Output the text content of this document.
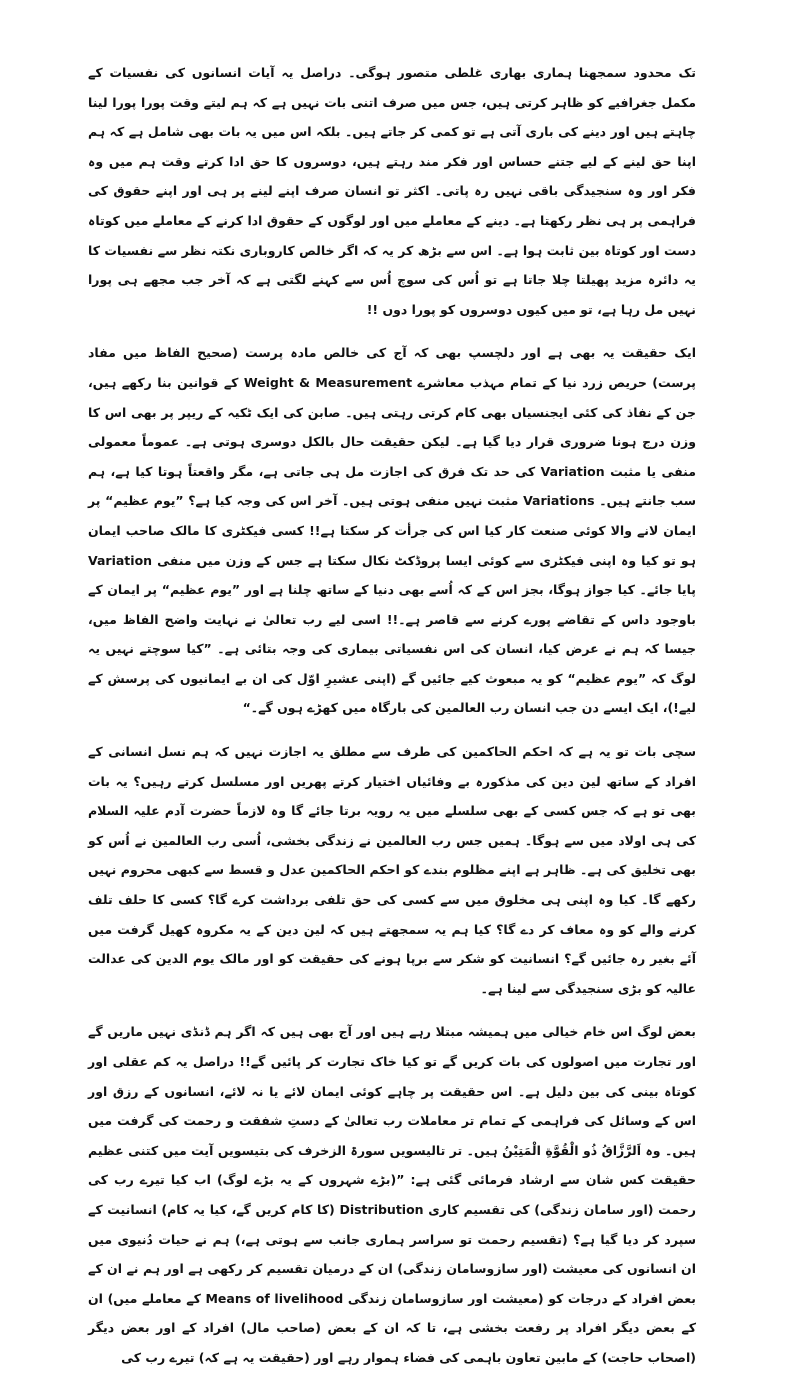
تک محدود سمجھنا ہماری بھاری غلطی متصور ہوگی۔ دراصل یہ آیات انسانوں کی نفسیات کے مکمل جغرافیے کو ظاہر کرتی ہیں، جس میں صرف اتنی بات نہیں ہے کہ ہم لیتے وقت پورا پورا لینا چاہتے ہیں اور دینے کی باری آتی ہے تو کمی کر جاتے ہیں۔ بلکہ اس میں یہ بات بھی شامل ہے کہ ہم اپنا حق لینے کے لیے جتنے حساس اور فکر مند رہتے ہیں، دوسروں کا حق ادا کرتے وقت ہم میں وہ فکر اور وہ سنجیدگی باقی نہیں رہ پاتی۔ اکثر تو انسان صرف اپنے لینے پر ہی اور اپنے حقوق کی فراہمی پر ہی نظر رکھتا ہے۔ دینے کے معاملے میں اور لوگوں کے حقوق ادا کرنے کے معاملے میں کوتاہ دست اور کوتاہ بین ثابت ہوا ہے۔ اس سے بڑھ کر یہ کہ اگر خالص کاروباری نکتہ نظر سے نفسیات کا یہ دائرہ مزید پھیلتا چلا جاتا ہے تو اُس کی سوچ اُس سے کہنے لگتی ہے کہ آخر جب مجھے ہی پورا نہیں مل رہا ہے، تو میں کیوں دوسروں کو پورا دوں !!

ایک حقیقت یہ بھی ہے اور دلچسپ بھی کہ آج کی خالص مادہ پرست (صحیح الفاظ میں مفاد پرست) حریص زرد نیا کے تمام مہذب معاشرے Weight & Measurement کے قوانین بنا رکھے ہیں، جن کے نفاذ کی کئی ایجنسیاں بھی کام کرتی رہتی ہیں۔ صابن کی ایک ٹکیہ کے ریپر پر بھی اس کا وزن درج ہونا ضروری قرار دیا گیا ہے۔ لیکن حقیقت حال بالکل دوسری ہوتی ہے۔ عموماً معمولی منفی یا مثبت Variation کی حد تک فرق کی اجازت مل ہی جاتی ہے، مگر واقعتاً ہوتا کیا ہے، ہم سب جانتے ہیں۔ Variations مثبت نہیں منفی ہوتی ہیں۔ آخر اس کی وجہ کیا ہے؟ ”یوم عظیم“ پر ایمان لانے والا کوئی صنعت کار کیا اس کی جرأت کر سکتا ہے!! کسی فیکٹری کا مالک صاحب ایمان ہو تو کیا وہ اپنی فیکٹری سے کوئی ایسا پروڈکٹ نکال سکتا ہے جس کے وزن میں منفی Variation پایا جائے۔ کیا جواز ہوگا، بجز اس کے کہ اُسے بھی دنیا کے ساتھ چلنا ہے اور ”یوم عظیم“ پر ایمان کے باوجود داس کے تقاضے پورے کرنے سے قاصر ہے۔!! اسی لیے رب تعالیٰ نے نہایت واضح الفاظ میں، جیسا کہ ہم نے عرض کیا، انسان کی اس نفسیاتی بیماری کی وجہ بتائی ہے۔ ”کیا سوچتے نہیں یہ لوگ کہ ”یوم عظیم“ کو یہ مبعوث کیے جائیں گے (اپنی عشیرِ اوّل کی ان بے ایمانیوں کی پرسش کے لیے!)، ایک ایسے دن جب انسان رب العالمین کی بارگاہ میں کھڑے ہوں گے۔“

سچی بات تو یہ ہے کہ احکم الحاکمین کی طرف سے مطلق یہ اجازت نہیں کہ ہم نسل انسانی کے افراد کے ساتھ لین دین کی مذکورہ بے وفائیاں اختیار کرتے پھریں اور مسلسل کرتے رہیں؟ یہ بات بھی تو ہے کہ جس کسی کے بھی سلسلے میں یہ رویہ برتا جائے گا وہ لازماً حضرت آدم علیہ السلام کی ہی اولاد میں سے ہوگا۔ ہمیں جس رب العالمین نے زندگی بخشی، اُسی رب العالمین نے اُس کو بھی تخلیق کی ہے۔ ظاہر ہے اپنے مظلوم بندے کو احکم الحاکمین عدل و قسط سے کبھی محروم نہیں رکھے گا۔ کیا وہ اپنی ہی مخلوق میں سے کسی کی حق تلفی برداشت کرے گا؟ کسی کا حلف تلف کرنے والے کو وہ معاف کر دے گا؟ کیا ہم یہ سمجھتے ہیں کہ لین دین کے یہ مکروہ کھیل گرفت میں آئے بغیر رہ جائیں گے؟ انسانیت کو شکر سے برپا ہونے کی حقیقت کو اور مالک یوم الدین کی عدالت عالیہ کو بڑی سنجیدگی سے لینا ہے۔

بعض لوگ اس خام خیالی میں ہمیشہ مبتلا رہے ہیں اور آج بھی ہیں کہ اگر ہم ڈنڈی نہیں ماریں گے اور تجارت میں اصولوں کی بات کریں گے تو کیا خاک تجارت کر پائیں گے!! دراصل یہ کم عقلی اور کوتاہ بینی کی بین دلیل ہے۔ اس حقیقت پر چاہے کوئی ایمان لائے یا نہ لائے، انسانوں کے رزق اور اس کے وسائل کی فراہمی کے تمام تر معاملات رب تعالیٰ کے دستِ شفقت و رحمت کی گرفت میں ہیں۔ وہ اَلرَّزَّاقُ ذُو الْقُوَّةِ الْمَتِيْنُ ہیں۔ تر تالیسویں سورۃ الزخرف کی بتیسویں آیت میں کتنی عظیم حقیقت کس شان سے ارشاد فرمائی گئی ہے: ”(بڑے شہروں کے یہ بڑے لوگ) اب کیا تیرے رب کی رحمت (اور سامان زندگی) کی تقسیم کاری Distribution (کا کام کریں گے، کیا یہ کام) انسانیت کے سپرد کر دیا گیا ہے؟ (تقسیم رحمت تو سراسر ہماری جانب سے ہوتی ہے،) ہم نے حیات دُنیوی میں ان انسانوں کی معیشت (اور سازوسامان زندگی) ان کے درمیان تقسیم کر رکھی ہے اور ہم نے ان کے بعض افراد کے درجات کو (معیشت اور سازوسامان زندگی Means of livelihood کے معاملے میں) ان کے بعض دیگر افراد پر رفعت بخشی ہے، تا کہ ان کے بعض (صاحب مال) افراد کے اور بعض دیگر (اصحاب حاجت) کے مابین تعاون باہمی کی فضاء ہموار رہے اور (حقیقت یہ ہے کہ) تیرے رب کی
